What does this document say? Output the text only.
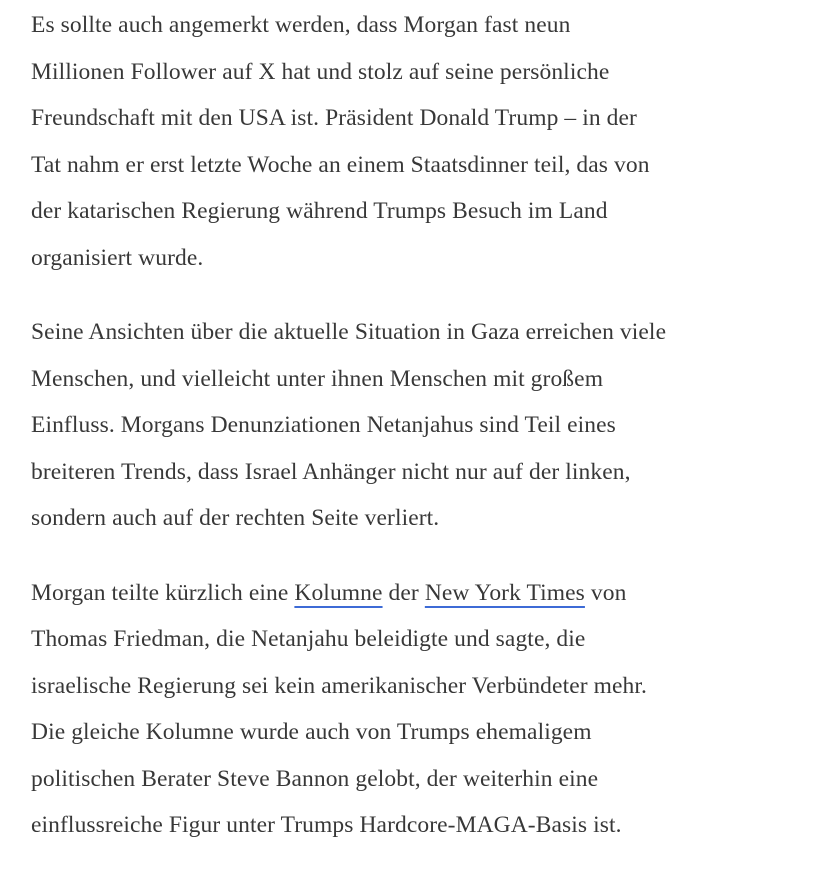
Es sollte auch angemerkt werden, dass Morgan fast neun
Millionen Follower auf X hat und stolz auf seine persönliche
Freundschaft mit den USA ist. Präsident Donald Trump – in der
Tat nahm er erst letzte Woche an einem Staatsdinner teil, das von
der katarischen Regierung während Trumps Besuch im Land
organisiert wurde.

Seine Ansichten über die aktuelle Situation in Gaza erreichen viele
Menschen, und vielleicht unter ihnen Menschen mit großem
Einfluss. Morgans Denunziationen Netanjahus sind Teil eines
breiteren Trends, dass Israel Anhänger nicht nur auf der linken,
sondern auch auf der rechten Seite verliert.

Morgan teilte kürzlich eine Kolumne der New York Times von
Thomas Friedman, die Netanjahu beleidigte und sagte, die
israelische Regierung sei kein amerikanischer Verbündeter mehr.
Die gleiche Kolumne wurde auch von Trumps ehemaligem
politischen Berater Steve Bannon gelobt, der weiterhin eine
einflussreiche Figur unter Trumps Hardcore-MAGA-Basis ist.
